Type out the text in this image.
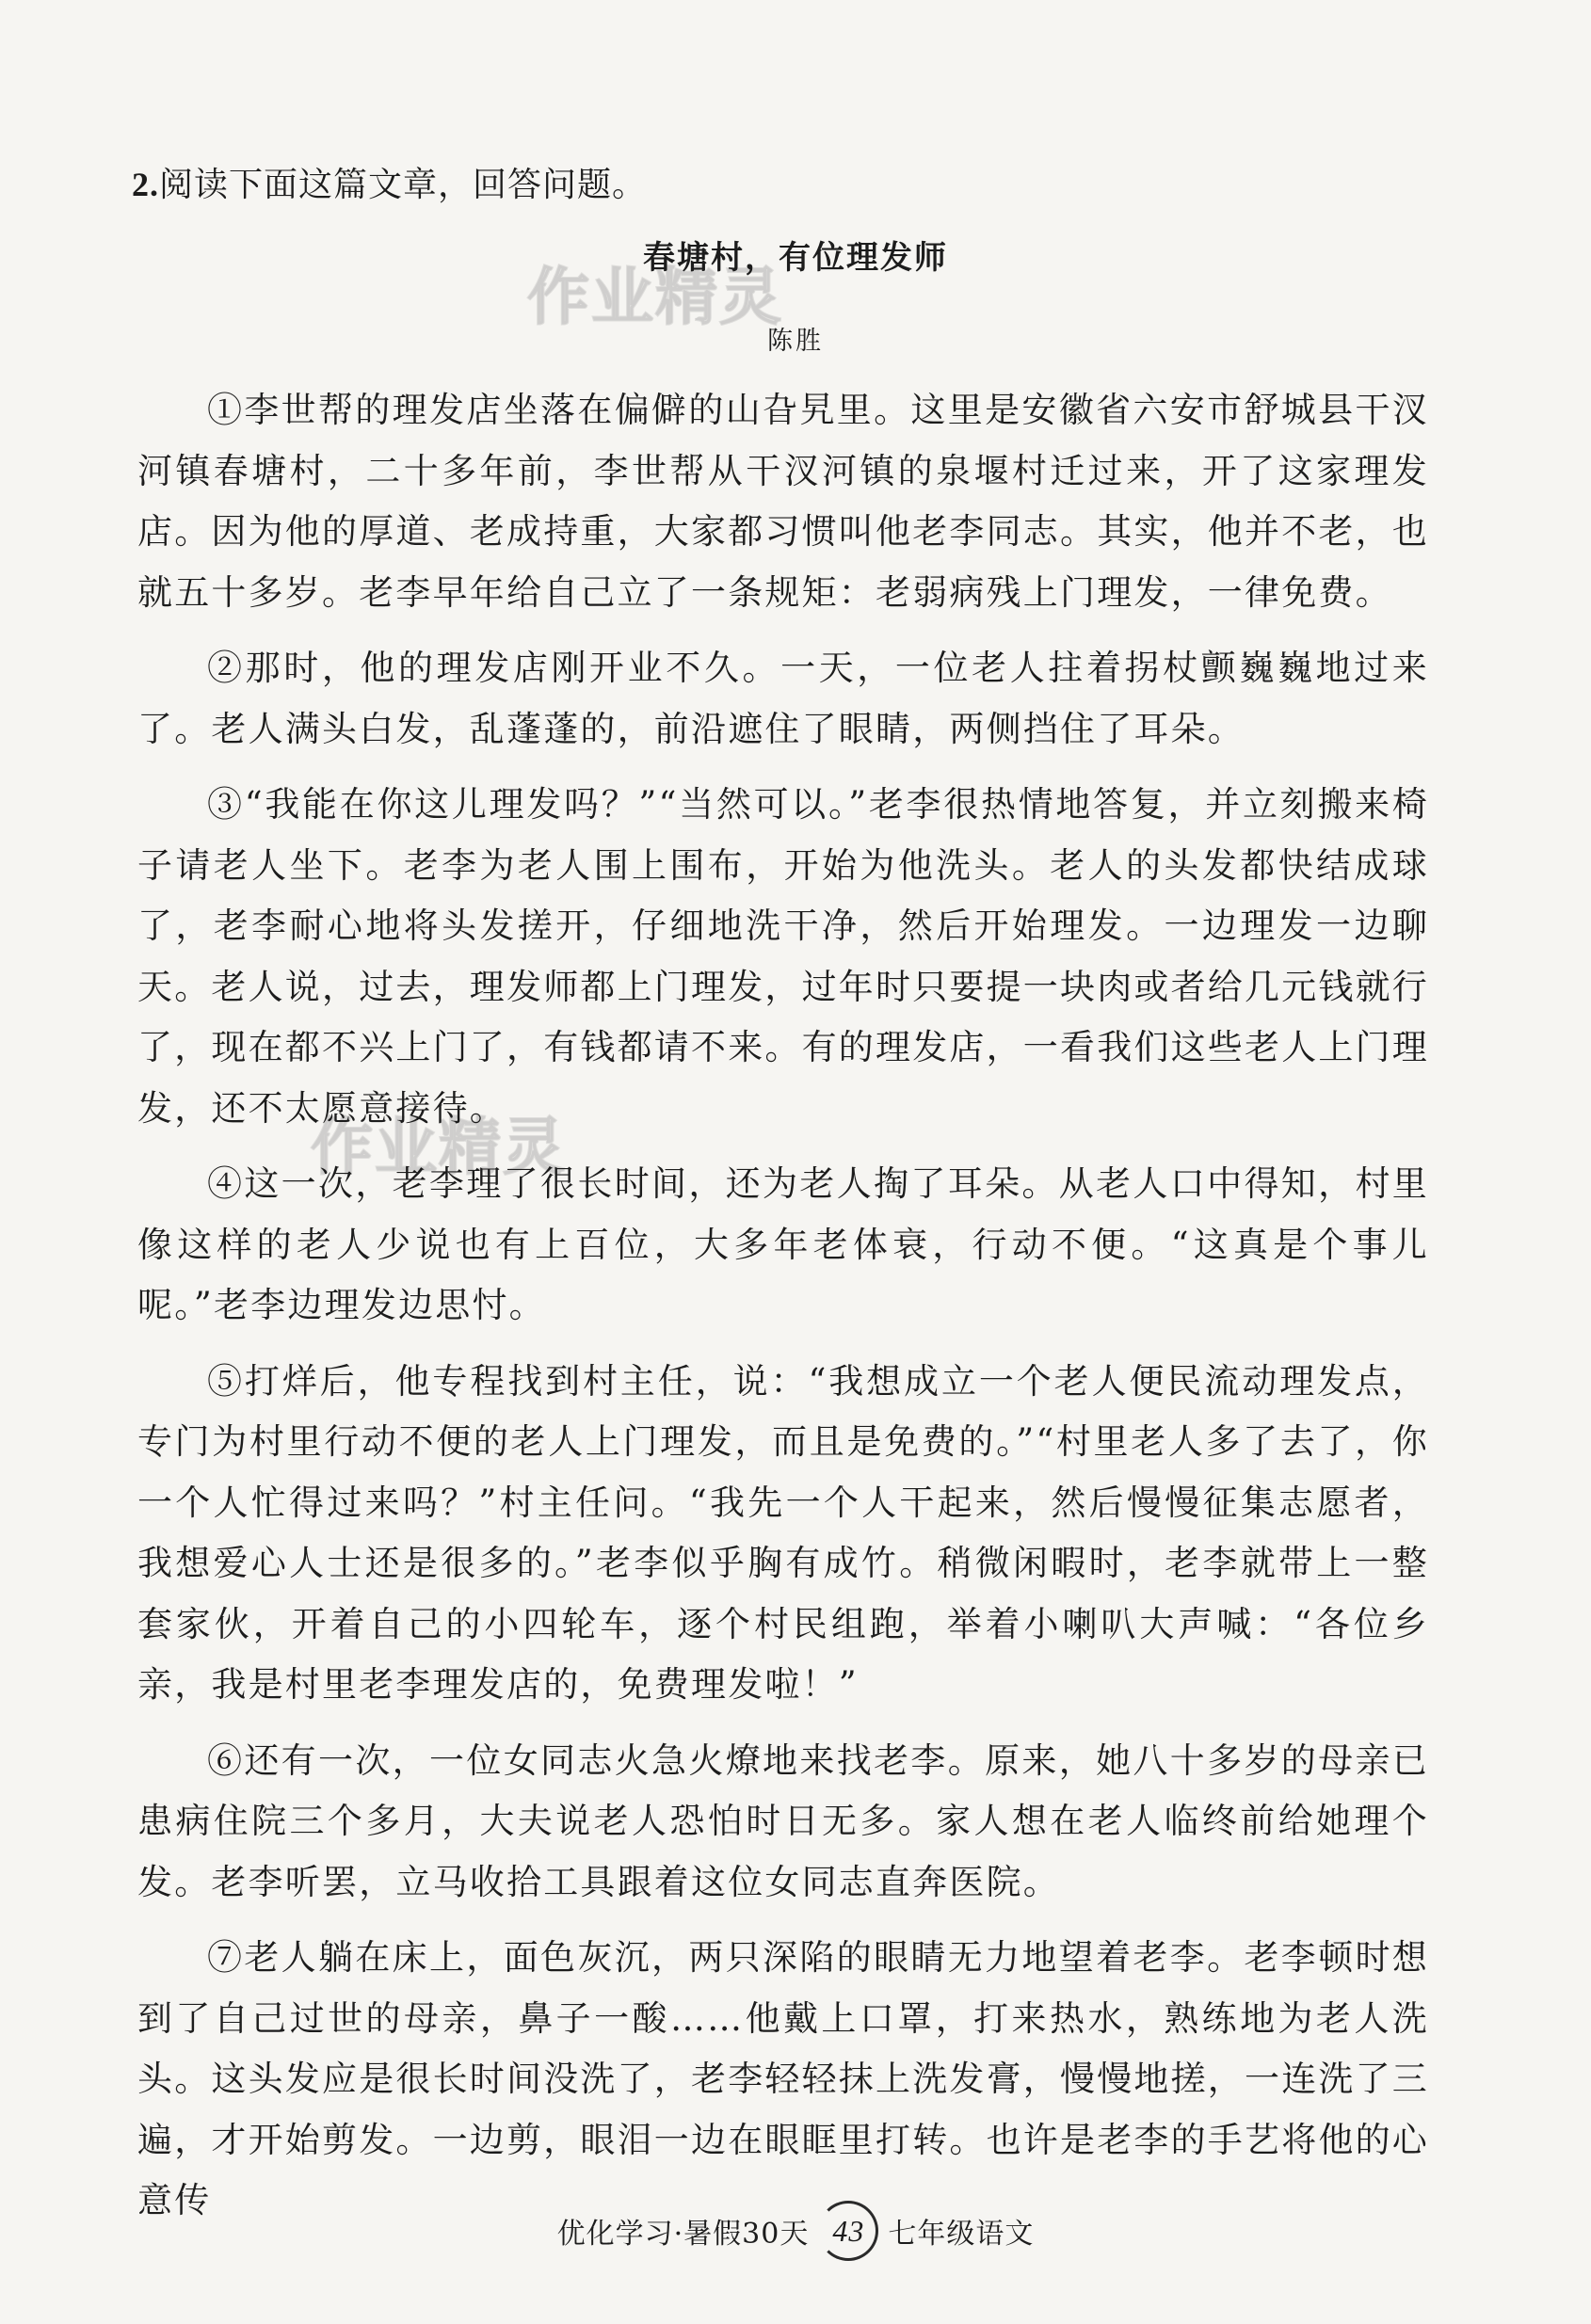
作业精灵
作业精灵
2.阅读下面这篇文章，回答问题。
春塘村，有位理发师
陈胜

①李世帮的理发店坐落在偏僻的山旮旯里。这里是安徽省六安市舒城县干汊河镇春塘村，二十多年前，李世帮从干汊河镇的泉堰村迁过来，开了这家理发店。因为他的厚道、老成持重，大家都习惯叫他老李同志。其实，他并不老，也就五十多岁。老李早年给自己立了一条规矩：老弱病残上门理发，一律免费。

②那时，他的理发店刚开业不久。一天，一位老人拄着拐杖颤巍巍地过来了。老人满头白发，乱蓬蓬的，前沿遮住了眼睛，两侧挡住了耳朵。

③“我能在你这儿理发吗？”“当然可以。”老李很热情地答复，并立刻搬来椅子请老人坐下。老李为老人围上围布，开始为他洗头。老人的头发都快结成球了，老李耐心地将头发搓开，仔细地洗干净，然后开始理发。一边理发一边聊天。老人说，过去，理发师都上门理发，过年时只要提一块肉或者给几元钱就行了，现在都不兴上门了，有钱都请不来。有的理发店，一看我们这些老人上门理发，还不太愿意接待。

④这一次，老李理了很长时间，还为老人掏了耳朵。从老人口中得知，村里像这样的老人少说也有上百位，大多年老体衰，行动不便。“这真是个事儿呢。”老李边理发边思忖。

⑤打烊后，他专程找到村主任，说：“我想成立一个老人便民流动理发点，专门为村里行动不便的老人上门理发，而且是免费的。”“村里老人多了去了，你一个人忙得过来吗？”村主任问。“我先一个人干起来，然后慢慢征集志愿者，我想爱心人士还是很多的。”老李似乎胸有成竹。稍微闲暇时，老李就带上一整套家伙，开着自己的小四轮车，逐个村民组跑，举着小喇叭大声喊：“各位乡亲，我是村里老李理发店的，免费理发啦！”

⑥还有一次，一位女同志火急火燎地来找老李。原来，她八十多岁的母亲已患病住院三个多月，大夫说老人恐怕时日无多。家人想在老人临终前给她理个发。老李听罢，立马收拾工具跟着这位女同志直奔医院。

⑦老人躺在床上，面色灰沉，两只深陷的眼睛无力地望着老李。老李顿时想到了自己过世的母亲，鼻子一酸……他戴上口罩，打来热水，熟练地为老人洗头。这头发应是很长时间没洗了，老李轻轻抹上洗发膏，慢慢地搓，一连洗了三遍，才开始剪发。一边剪，眼泪一边在眼眶里打转。也许是老李的手艺将他的心意传

优化学习·暑假30天 43 七年级语文
